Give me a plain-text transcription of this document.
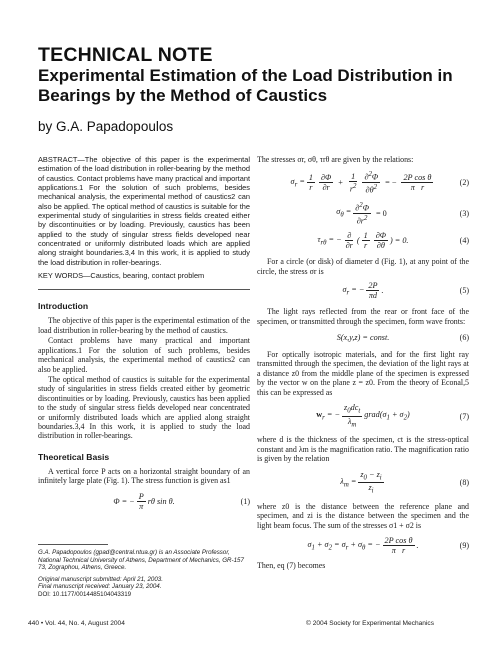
TECHNICAL NOTE
Experimental Estimation of the Load Distribution in Bearings by the Method of Caustics
by G.A. Papadopoulos
ABSTRACT—The objective of this paper is the experimental estimation of the load distribution in roller-bearing by the method of caustics. Contact problems have many practical and important applications.1 For the solution of such problems, besides mechanical analysis, the experimental method of caustics2 can also be applied. The optical method of caustics is suitable for the experimental study of singularities in stress fields created either by discontinuities or by loading. Previously, caustics has been applied to the study of singular stress fields developed near concentrated or uniformly distributed loads which are applied along straight boundaries.3,4 In this work, it is applied to study the load distribution in roller-bearings.
KEY WORDS—Caustics, bearing, contact problem
Introduction

The objective of this paper is the experimental estimation of the load distribution in roller-bearing by the method of caustics.

Contact problems have many practical and important applications.1 For the solution of such problems, besides mechanical analysis, the experimental method of caustics2 can also be applied.

The optical method of caustics is suitable for the experimental study of singularities in stress fields created either by geometric discontinuities or by loading. Previously, caustics has been applied to the study of singular stress fields developed near concentrated or uniformly distributed loads which are applied along straight boundaries.3,4 In this work, it is applied to study the load distribution in roller-bearings.

Theoretical Basis

A vertical force P acts on a horizontal straight boundary of an infinitely large plate (Fig. 1). The stress function is given as1

Φ = − $\frac{P}{\pi}$ rθ sin θ.	(1)
G.A. Papadopoulos (gpad@central.ntua.gr) is an Associate Professor, National Technical University of Athens, Department of Mechanics, GR-157 73, Zographou, Athens, Greece.
Original manuscript submitted: April 21, 2003.
Final manuscript received: January 23, 2004.
DOI: 10.1177/0014485104043319

The stresses σr, σθ, τrθ are given by the relations:

$\sigma_r = \frac{1}{r} \frac{\partial\Phi}{\partial r} + \frac{1}{r^2} \frac{\partial^2\Phi}{\partial\theta^2}$ = − $\frac{\text{2P cos θ}}{\text{π   r}}$	(2)
$\sigma_\theta = \frac{\partial^2\Phi}{\partial r^2} = 0$	(3)
$\tau_{r\theta}$ = − $\frac{\partial}{\partial r}$ ( $\frac{1}{r} \frac{\partial\Phi}{\partial\theta}$ ) = 0.	(4)

For a circle (or disk) of diameter d (Fig. 1), at any point of the circle, the stress σr is

$\sigma_r$ = − $\frac{2P}{\pi d}$ .	(5)

The light rays reflected from the rear or front face of the specimen, or transmitted through the specimen, form wave fronts:

S(x,y,z) = const.	(6)

For optically isotropic materials, and for the first light ray transmitted through the specimen, the deviation of the light rays at a distance z0 from the middle plane of the specimen is expressed by the vector w on the plane z = z0. From the theory of Econal,5 this can be expressed as

$w_r$ = − $\frac{z_0dc_t}{\lambda_m}$ $grad(\sigma_1 + \sigma_2)$	(7)

where d is the thickness of the specimen, ct is the stress-optical constant and λm is the magnification ratio. The magnification ratio is given by the relation

$\lambda_m = \frac{z_0 - z_i}{z_i}$	(8)

where z0 is the distance between the reference plane and specimen, and zi is the distance between the specimen and the light beam focus. The sum of the stresses σ1 + σ2 is

$\sigma_1 + \sigma_2 = \sigma_r + \sigma_\theta$ = − $\frac{\text{2P cos θ}}{\text{π   r}}$ .	(9)

Then, eq (7) becomes

440 • Vol. 44, No. 4, August 2004	© 2004 Society for Experimental Mechanics
